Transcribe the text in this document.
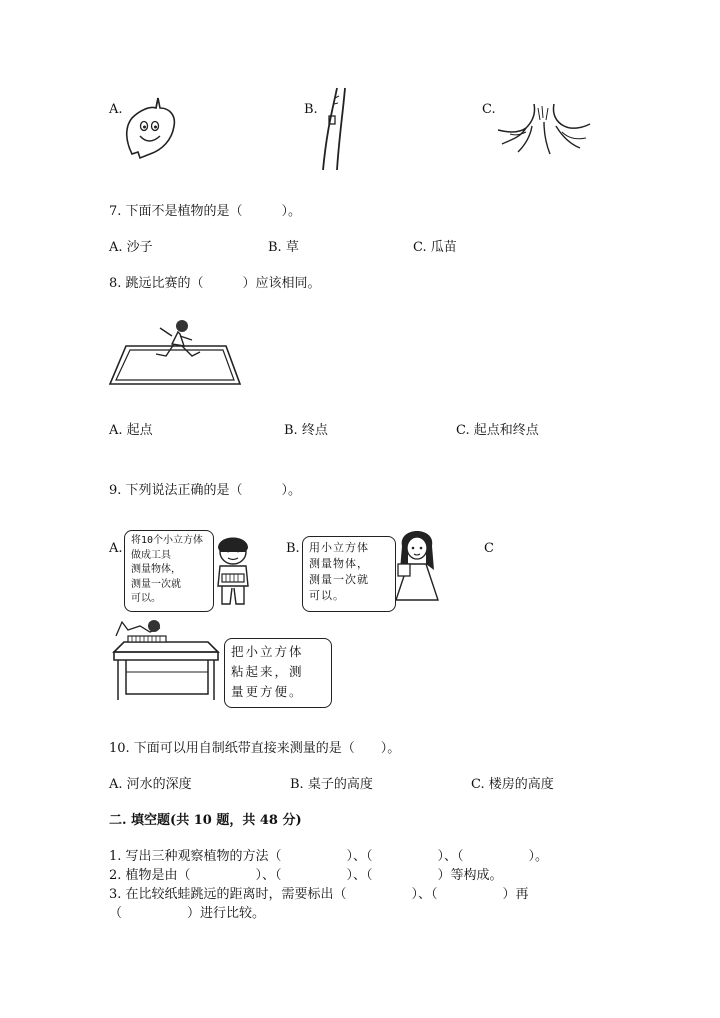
A.	B.	C.
7. 下面不是植物的是（　　　）。
A. 沙子	B. 草	C. 瓜苗
8. 跳远比赛的（　　　）应该相同。
A. 起点	B. 终点	C. 起点和终点
9. 下列说法正确的是（　　　）。
A.
将10个小立方体
做成工具
测量物体，
测量一次就
可以。
B. 用小立方体
测量物体，
测量一次就
可以。
C
把小立方体
粘起来，测
量更方便。
10. 下面可以用自制纸带直接来测量的是（　　）。
A. 河水的深度	B. 桌子的高度	C. 楼房的高度
二. 填空题(共 10 题，共 48 分)
1. 写出三种观察植物的方法（　　　　　）、（　　　　　）、（　　　　　）。
2. 植物是由（　　　　　）、（　　　　　）、（　　　　　）等构成。
3. 在比较纸蛙跳远的距离时，需要标出（　　　　　）、（　　　　　）再
（　　　　　）进行比较。
